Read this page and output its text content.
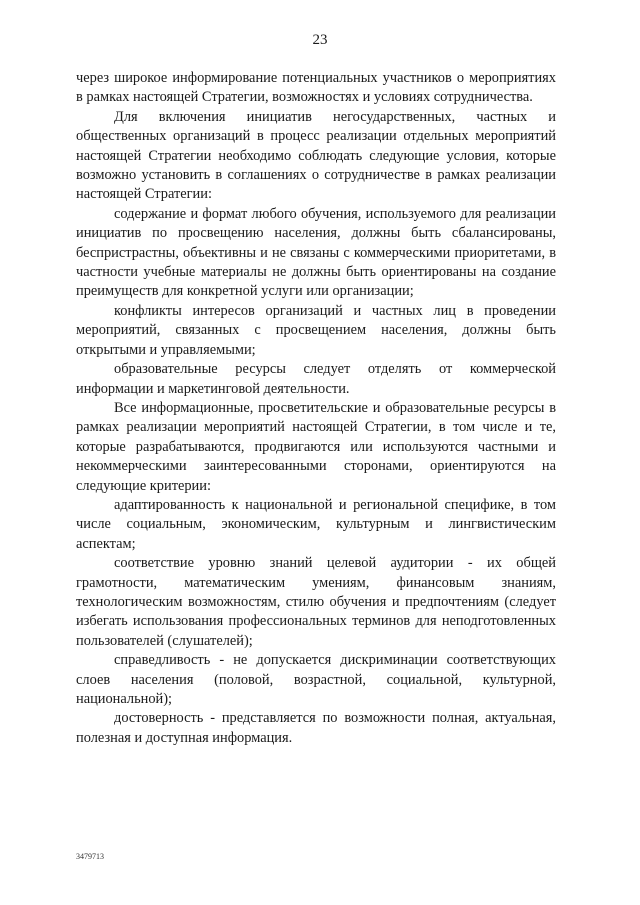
23

через широкое информирование потенциальных участников о мероприятиях в рамках настоящей Стратегии, возможностях и условиях сотрудничества.

Для включения инициатив негосударственных, частных и общественных организаций в процесс реализации отдельных мероприятий настоящей Стратегии необходимо соблюдать следующие условия, которые возможно установить в соглашениях о сотрудничестве в рамках реализации настоящей Стратегии:

содержание и формат любого обучения, используемого для реализации инициатив по просвещению населения, должны быть сбалансированы, беспристрастны, объективны и не связаны с коммерческими приоритетами, в частности учебные материалы не должны быть ориентированы на создание преимуществ для конкретной услуги или организации;

конфликты интересов организаций и частных лиц в проведении мероприятий, связанных с просвещением населения, должны быть открытыми и управляемыми;

образовательные ресурсы следует отделять от коммерческой информации и маркетинговой деятельности.

Все информационные, просветительские и образовательные ресурсы в рамках реализации мероприятий настоящей Стратегии, в том числе и те, которые разрабатываются, продвигаются или используются частными и некоммерческими заинтересованными сторонами, ориентируются на следующие критерии:

адаптированность к национальной и региональной специфике, в том числе социальным, экономическим, культурным и лингвистическим аспектам;

соответствие уровню знаний целевой аудитории - их общей грамотности, математическим умениям, финансовым знаниям, технологическим возможностям, стилю обучения и предпочтениям (следует избегать использования профессиональных терминов для неподготовленных пользователей (слушателей);

справедливость - не допускается дискриминации соответствующих слоев населения (половой, возрастной, социальной, культурной, национальной);

достоверность - представляется по возможности полная, актуальная, полезная и доступная информация.

3479713
